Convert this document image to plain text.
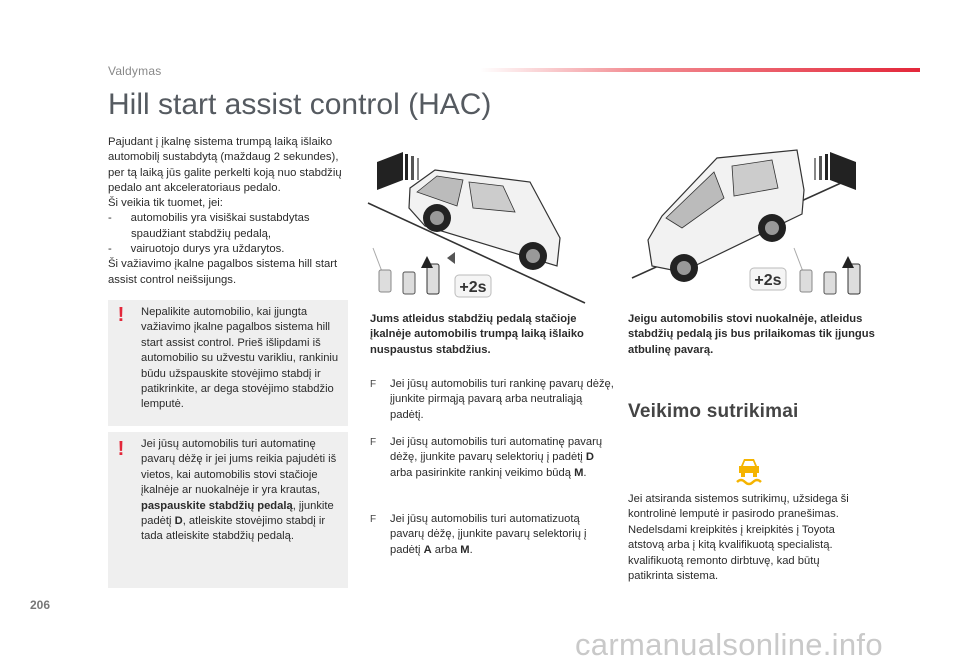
Valdymas
Hill start assist control (HAC)

Pajudant į įkalnę sistema trumpą laiką išlaiko automobilį sustabdytą (maždaug 2 sekundes), per tą laiką jūs galite perkelti koją nuo stabdžių pedalo ant akceleratoriaus pedalo.

Ši veikia tik tuomet, jei:

- automobilis yra visiškai sustabdytas

spaudžiant stabdžių pedalą,

- vairuotojo durys yra uždarytos.

Ši važiavimo įkalne pagalbos sistema hill start assist control neišsijungs.

!	Nepalikite automobilio, kai įjungta važiavimo įkalne pagalbos sistema hill start assist control. Prieš išlipdami iš automobilio su užvestu varikliu, rankiniu būdu užspauskite stovėjimo stabdį ir patikrinkite, ar dega stovėjimo stabdžio lemputė.

!	Jei jūsų automobilis turi automatinę pavarų dėžę ir jei jums reikia pajudėti iš vietos, kai automobilis stovi stačioje įkalnėje ar nuokalnėje ir yra krautas, paspauskite stabdžių pedalą, įjunkite padėtį D, atleiskite stovėjimo stabdį ir tada atleiskite stabdžių pedalą.

+2s	+2s

Jums atleidus stabdžių pedalą stačioje įkalnėje automobilis trumpą laiką išlaiko nuspaustus stabdžius.

Jeigu automobilis stovi nuokalnėje, atleidus stabdžių pedalą jis bus prilaikomas tik įjungus atbulinę pavarą.

F Jei jūsų automobilis turi rankinę pavarų dėžę, įjunkite pirmąją pavarą arba neutraliąją padėtį.
F Jei jūsų automobilis turi automatinę pavarų dėžę, įjunkite pavarų selektorių į padėtį D arba pasirinkite rankinį veikimo būdą M.
F Jei jūsų automobilis turi automatizuotą pavarų dėžę, įjunkite pavarų selektorių į padėtį A arba M.
Veikimo sutrikimai

Jei atsiranda sistemos sutrikimų, užsidega ši kontrolinė lemputė ir pasirodo pranešimas. Nedelsdami kreipkitės į kreipkitės į Toyota atstovą arba į kitą kvalifikuotą specialistą. kvalifikuotą remonto dirbtuvę, kad būtų patikrinta sistema.

206
carmanualsonline.info
